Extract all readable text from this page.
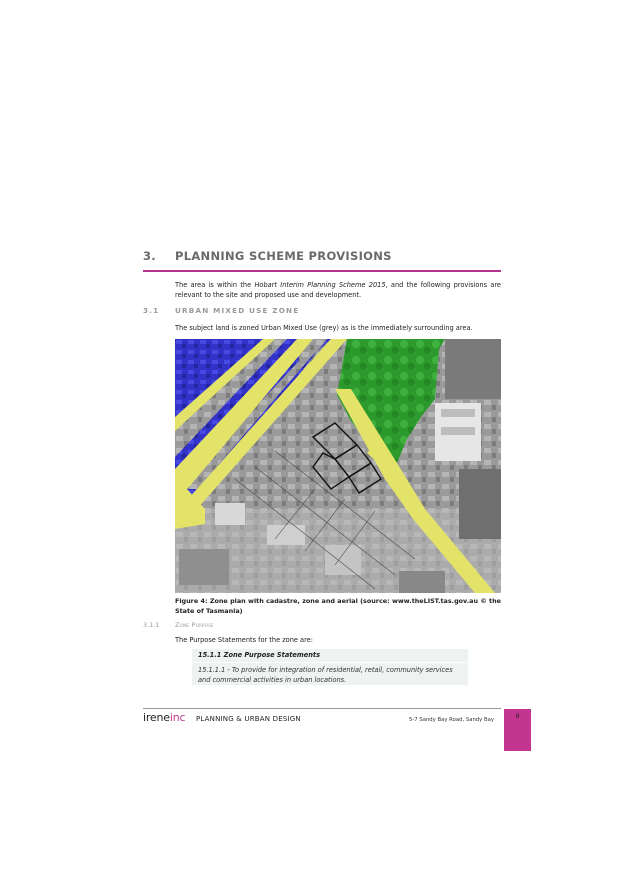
3. PLANNING SCHEME PROVISIONS
The area is within the Hobart Interim Planning Scheme 2015, and the following provisions are relevant to the site and proposed use and development.
3.1 URBAN MIXED USE ZONE
The subject land is zoned Urban Mixed Use (grey) as is the immediately surrounding area.
Figure 4: Zone plan with cadastre, zone and aerial (source: www.theLIST.tas.gov.au © the State of Tasmania)
3.1.1 Zone Purpose
The Purpose Statements for the zone are:
15.1.1 Zone Purpose Statements
15.1.1.1 - To provide for integration of residential, retail, community services and commercial activities in urban locations.
ireneinc PLANNING & URBAN DESIGN	5-7 Sandy Bay Road, Sandy Bay	9
